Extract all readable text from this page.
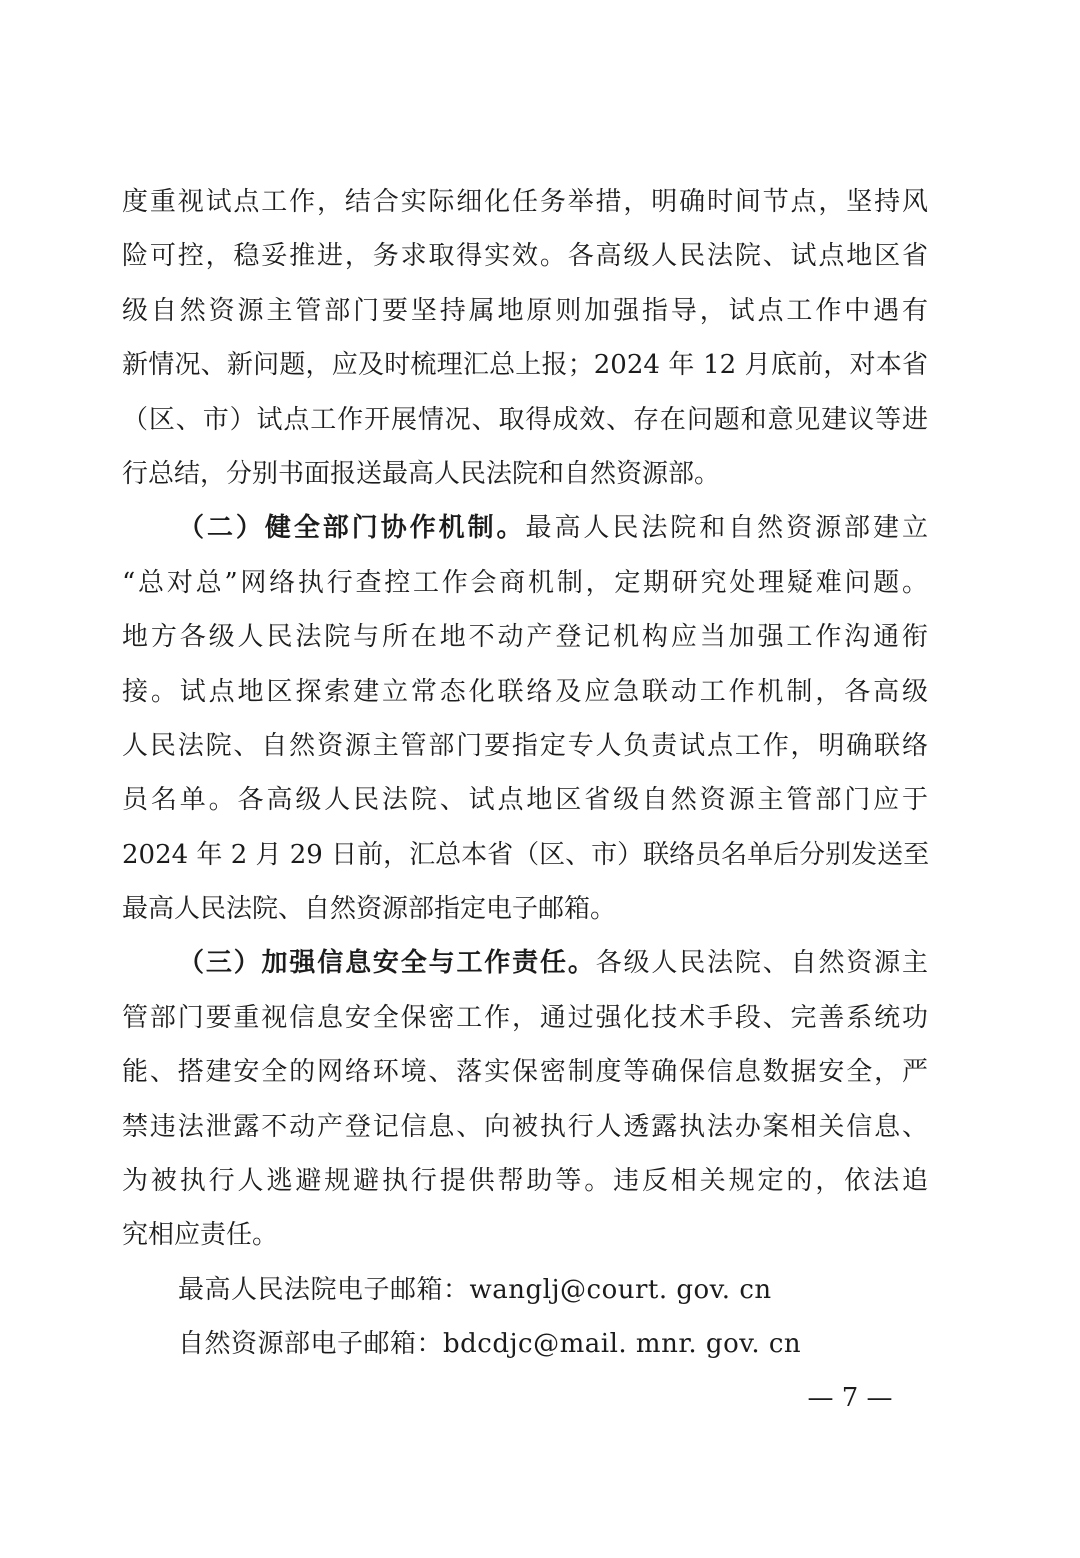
度重视试点工作，结合实际细化任务举措，明确时间节点，坚持风
险可控，稳妥推进，务求取得实效。各高级人民法院、试点地区省
级自然资源主管部门要坚持属地原则加强指导，试点工作中遇有
新情况、新问题，应及时梳理汇总上报；2024 年 12 月底前，对本省
（区、市）试点工作开展情况、取得成效、存在问题和意见建议等进
行总结，分别书面报送最高人民法院和自然资源部。
（二）健全部门协作机制。最高人民法院和自然资源部建立
“总对总”网络执行查控工作会商机制，定期研究处理疑难问题。
地方各级人民法院与所在地不动产登记机构应当加强工作沟通衔
接。试点地区探索建立常态化联络及应急联动工作机制，各高级
人民法院、自然资源主管部门要指定专人负责试点工作，明确联络
员名单。各高级人民法院、试点地区省级自然资源主管部门应于
2024 年 2 月 29 日前，汇总本省（区、市）联络员名单后分别发送至
最高人民法院、自然资源部指定电子邮箱。
（三）加强信息安全与工作责任。各级人民法院、自然资源主
管部门要重视信息安全保密工作，通过强化技术手段、完善系统功
能、搭建安全的网络环境、落实保密制度等确保信息数据安全，严
禁违法泄露不动产登记信息、向被执行人透露执法办案相关信息、
为被执行人逃避规避执行提供帮助等。违反相关规定的，依法追
究相应责任。
最高人民法院电子邮箱：wanglj@court. gov. cn
自然资源部电子邮箱：bdcdjc@mail. mnr. gov. cn
— 7 —
